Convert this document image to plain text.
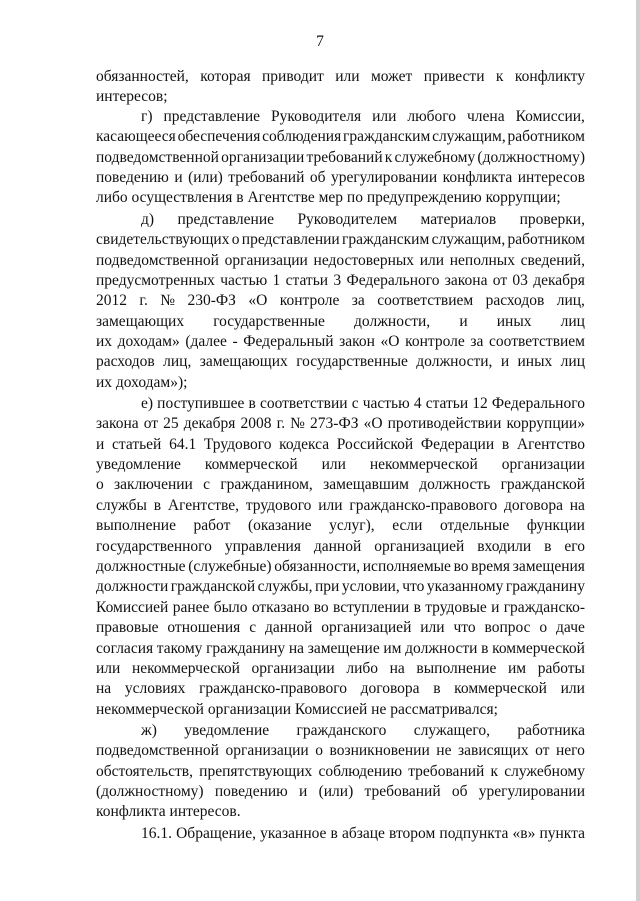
7
обязанностей, которая приводит или может привести к конфликту
интересов;
г) представление Руководителя или любого члена Комиссии,
касающееся обеспечения соблюдения гражданским служащим, работником
подведомственной организации требований к служебному (должностному)
поведению и (или) требований об урегулировании конфликта интересов
либо осуществления в Агентстве мер по предупреждению коррупции;
д) представление Руководителем материалов проверки,
свидетельствующих о представлении гражданским служащим, работником
подведомственной организации недостоверных или неполных сведений,
предусмотренных частью 1 статьи 3 Федерального закона от 03 декабря
2012 г. № 230-ФЗ «О контроле за соответствием расходов лиц,
замещающих государственные должности, и иных лиц
их доходам» (далее - Федеральный закон «О контроле за соответствием
расходов лиц, замещающих государственные должности, и иных лиц
их доходам»);
е) поступившее в соответствии с частью 4 статьи 12 Федерального
закона от 25 декабря 2008 г. № 273-ФЗ «О противодействии коррупции»
и статьей 64.1 Трудового кодекса Российской Федерации в Агентство
уведомление коммерческой или некоммерческой организации
о заключении с гражданином, замещавшим должность гражданской
службы в Агентстве, трудового или гражданско-правового договора на
выполнение работ (оказание услуг), если отдельные функции
государственного управления данной организацией входили в его
должностные (служебные) обязанности, исполняемые во время замещения
должности гражданской службы, при условии, что указанному гражданину
Комиссией ранее было отказано во вступлении в трудовые и гражданско-
правовые отношения с данной организацией или что вопрос о даче
согласия такому гражданину на замещение им должности в коммерческой
или некоммерческой организации либо на выполнение им работы
на условиях гражданско-правового договора в коммерческой или
некоммерческой организации Комиссией не рассматривался;
ж) уведомление гражданского служащего, работника
подведомственной организации о возникновении не зависящих от него
обстоятельств, препятствующих соблюдению требований к служебному
(должностному) поведению и (или) требований об урегулировании
конфликта интересов.
16.1. Обращение, указанное в абзаце втором подпункта «в» пункта
